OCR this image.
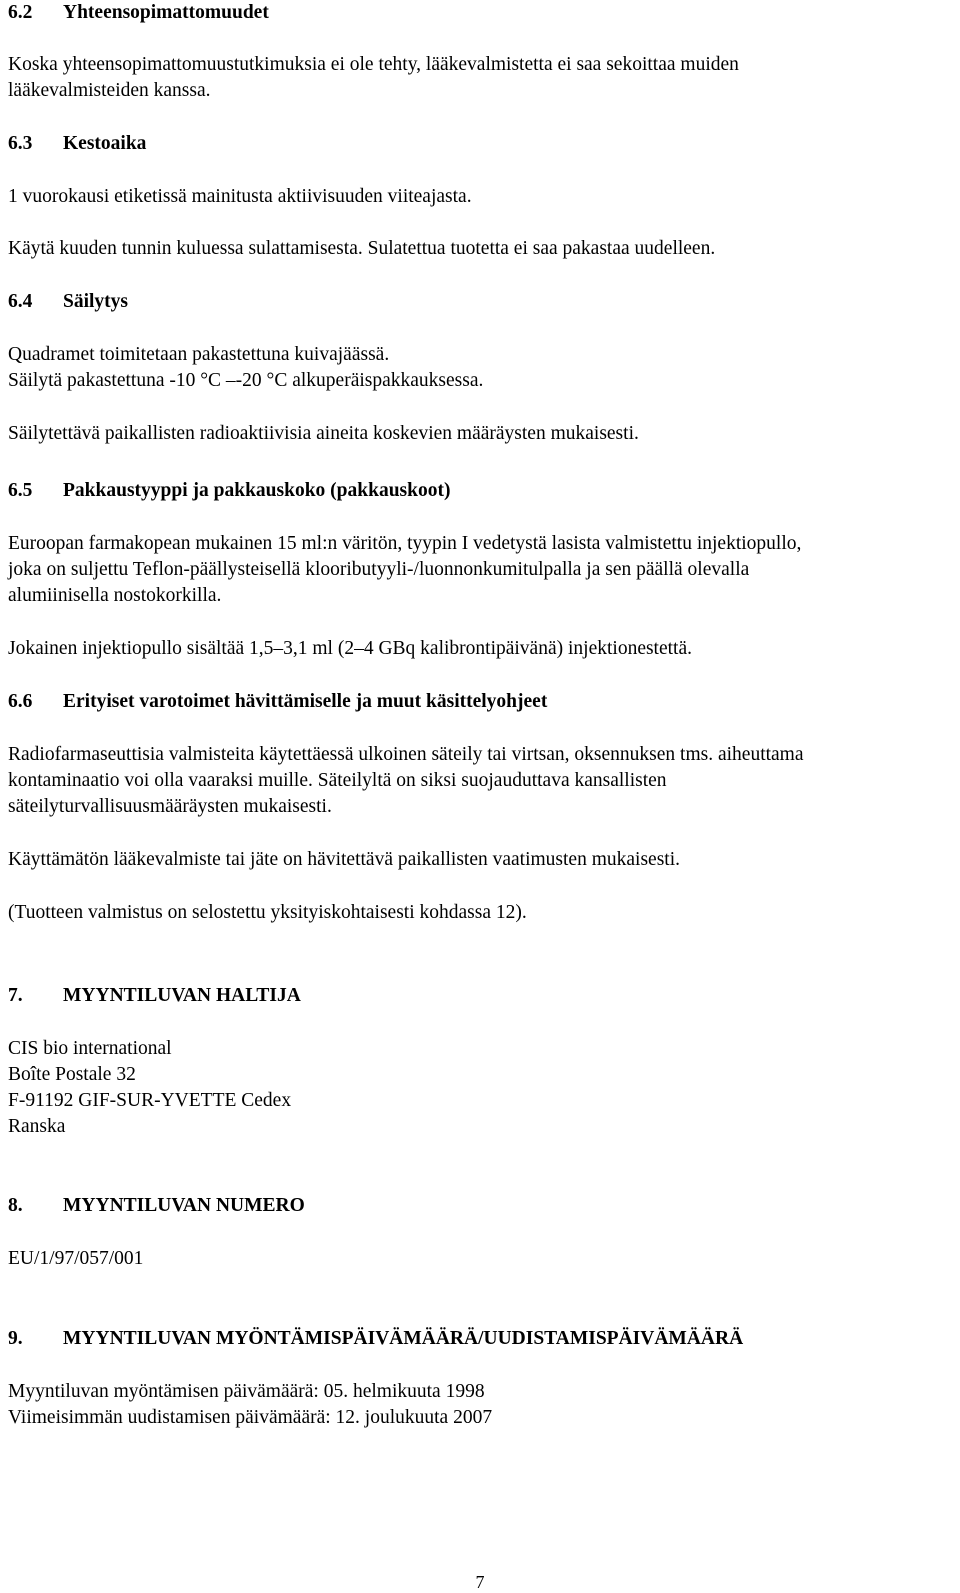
6.2 Yhteensopimattomuudet

Koska yhteensopimattomuustutkimuksia ei ole tehty, lääkevalmistetta ei saa sekoittaa muiden

lääkevalmisteiden kanssa.

6.3 Kestoaika

1 vuorokausi etiketissä mainitusta aktiivisuuden viiteajasta.

Käytä kuuden tunnin kuluessa sulattamisesta. Sulatettua tuotetta ei saa pakastaa uudelleen.

6.4 Säilytys

Quadramet toimitetaan pakastettuna kuivajäässä.

Säilytä pakastettuna -10 °C –-20 °C alkuperäispakkauksessa.

Säilytettävä paikallisten radioaktiivisia aineita koskevien määräysten mukaisesti.

6.5 Pakkaustyyppi ja pakkauskoko (pakkauskoot)

Euroopan farmakopean mukainen 15 ml:n väritön, tyypin I vedetystä lasista valmistettu injektiopullo,

joka on suljettu Teflon-päällysteisellä klooributyyli-/luonnonkumitulpalla ja sen päällä olevalla

alumiinisella nostokorkilla.

Jokainen injektiopullo sisältää 1,5–3,1 ml (2–4 GBq kalibrontipäivänä) injektionestettä.

6.6 Erityiset varotoimet hävittämiselle ja muut käsittelyohjeet

Radiofarmaseuttisia valmisteita käytettäessä ulkoinen säteily tai virtsan, oksennuksen tms. aiheuttama

kontaminaatio voi olla vaaraksi muille. Säteilyltä on siksi suojauduttava kansallisten

säteilyturvallisuusmääräysten mukaisesti.

Käyttämätön lääkevalmiste tai jäte on hävitettävä paikallisten vaatimusten mukaisesti.

(Tuotteen valmistus on selostettu yksityiskohtaisesti kohdassa 12).

7. MYYNTILUVAN HALTIJA

CIS bio international

Boîte Postale 32

F-91192 GIF-SUR-YVETTE Cedex

Ranska

8. MYYNTILUVAN NUMERO

EU/1/97/057/001

9. MYYNTILUVAN MYÖNTÄMISPÄIVÄMÄÄRÄ/UUDISTAMISPÄIVÄMÄÄRÄ

Myyntiluvan myöntämisen päivämäärä: 05. helmikuuta 1998

Viimeisimmän uudistamisen päivämäärä: 12. joulukuuta 2007

7
